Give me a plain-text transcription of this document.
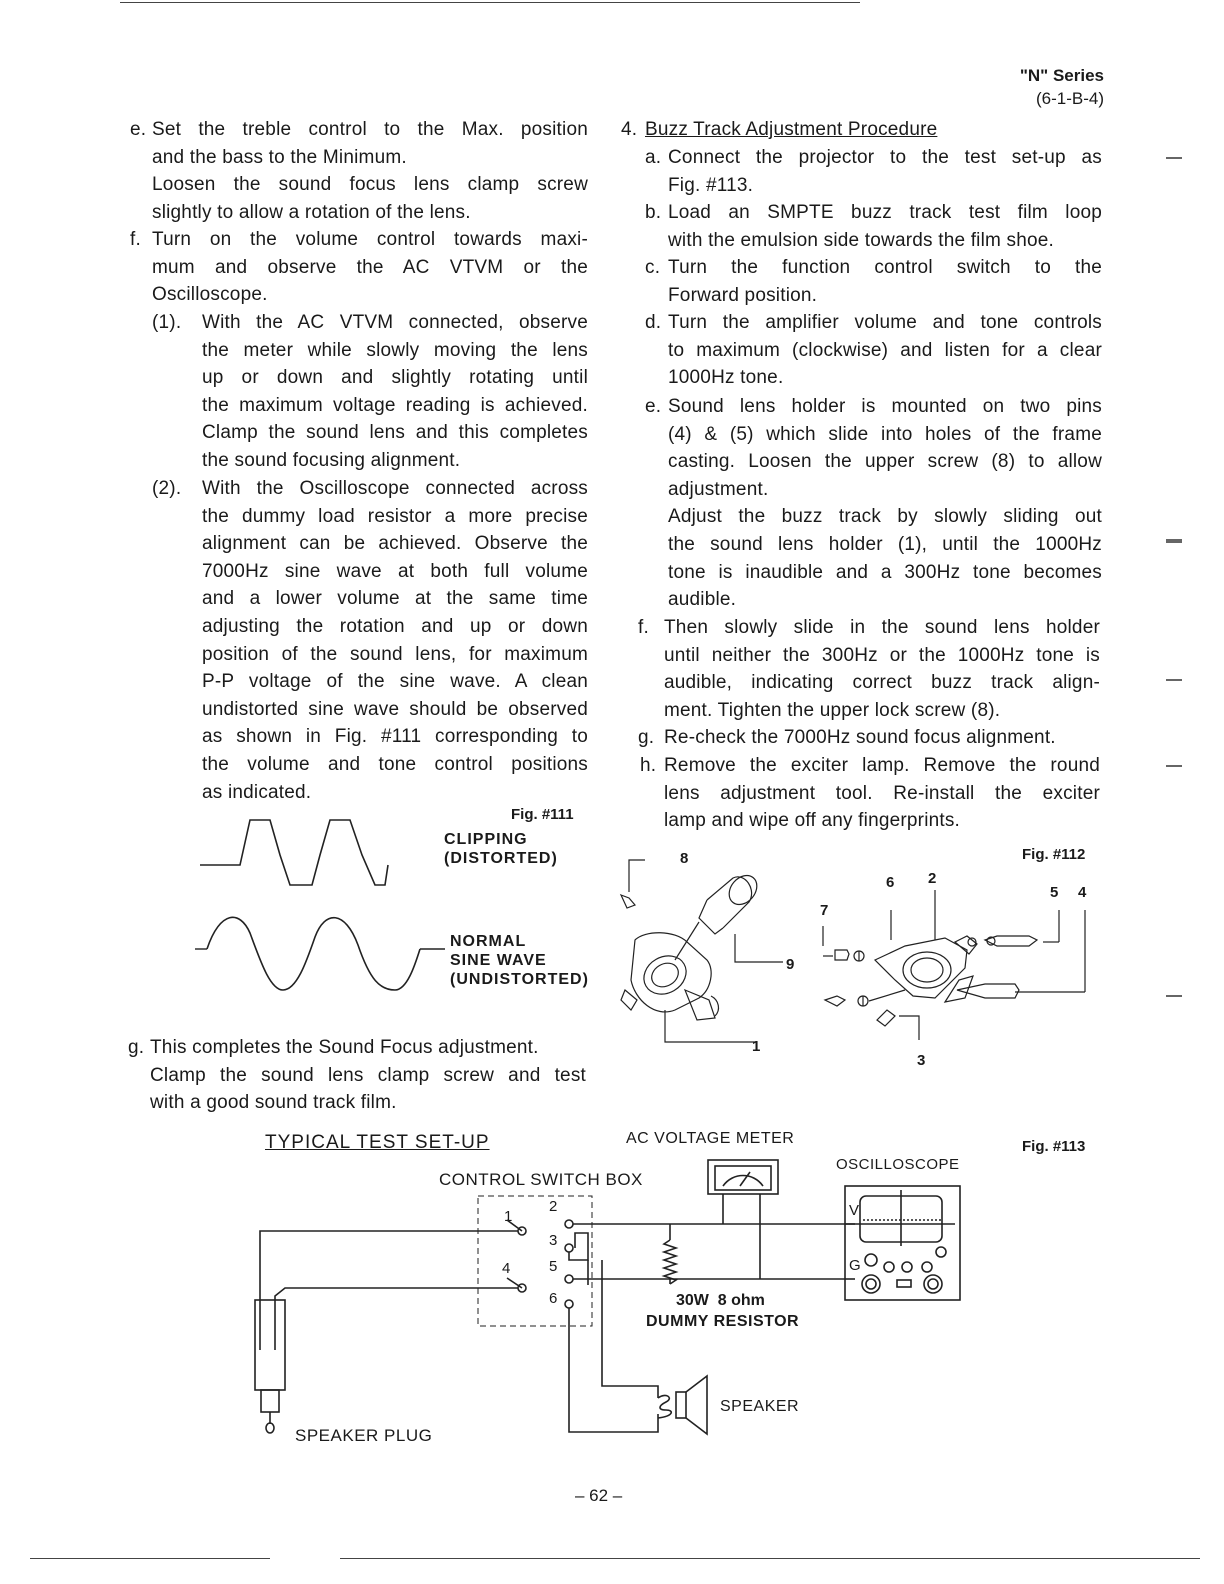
"N" Series
(6-1-B-4)
e. Set the treble control to the Max. position
and the bass to the Minimum.
Loosen the sound focus lens clamp screw
slightly to allow a rotation of the lens.
f. Turn on the volume control towards maxi-
mum and observe the AC VTVM or the
Oscilloscope.
(1). With the AC VTVM connected, observe
the meter while slowly moving the lens
up or down and slightly rotating until
the maximum voltage reading is achieved.
Clamp the sound lens and this completes
the sound focusing alignment.
(2). With the Oscilloscope connected across
the dummy load resistor a more precise
alignment can be achieved. Observe the
7000Hz sine wave at both full volume
and a lower volume at the same time
adjusting the rotation and up or down
position of the sound lens, for maximum
P-P voltage of the sine wave. A clean
undistorted sine wave should be observed
as shown in Fig. #111 corresponding to
the volume and tone control positions
as indicated.
g. This completes the Sound Focus adjustment.
Clamp the sound lens clamp screw and test
with a good sound track film.
Fig. #111
CLIPPING
(DISTORTED)
NORMAL
SINE WAVE
(UNDISTORTED)
4. Buzz Track Adjustment Procedure
a. Connect the projector to the test set-up as
Fig. #113.
b. Load an SMPTE buzz track test film loop
with the emulsion side towards the film shoe.
c. Turn the function control switch to the
Forward position.
d. Turn the amplifier volume and tone controls
to maximum (clockwise) and listen for a clear
1000Hz tone.
e. Sound lens holder is mounted on two pins
(4) & (5) which slide into holes of the frame
casting. Loosen the upper screw (8) to allow
adjustment.
Adjust the buzz track by slowly sliding out
the sound lens holder (1), until the 1000Hz
tone is inaudible and a 300Hz tone becomes
audible.
f. Then slowly slide in the sound lens holder
until neither the 300Hz or the 1000Hz tone is
audible, indicating correct buzz track align-
ment. Tighten the upper lock screw (8).
g. Re-check the 7000Hz sound focus alignment.
h. Remove the exciter lamp. Remove the round
lens adjustment tool. Re-install the exciter
lamp and wipe off any fingerprints.
Fig. #112
8
9
1
6 2
5 4
7
3
TYPICAL TEST SET-UP	AC VOLTAGE METER	Fig. #113
OSCILLOSCOPE
CONTROL SWITCH BOX
1
2
3
4	5
6
V
G
30W  8 ohm
DUMMY RESISTOR
SPEAKER
SPEAKER PLUG
– 62 –
